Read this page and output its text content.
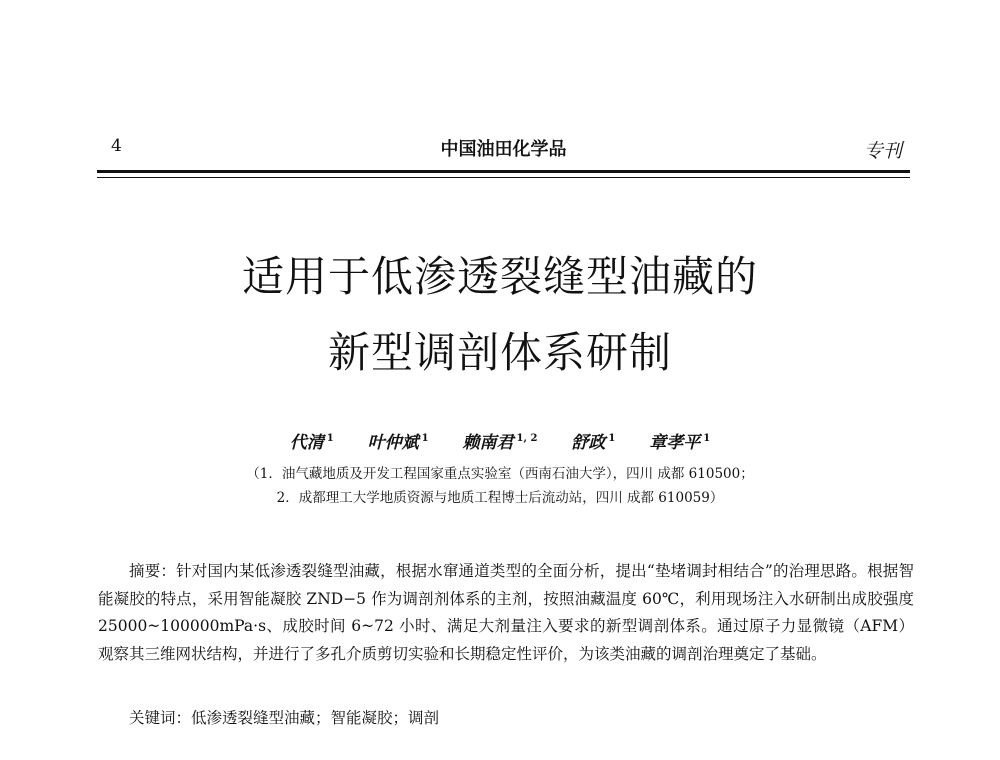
4	中国油田化学品	专刊
适用于低渗透裂缝型油藏的
新型调剖体系研制
代清 $^1$ 叶仲斌 $^1$ 赖南君 $^{1, 2}$ 舒政 $^1$ 章孝平 $^1$
（1．油气藏地质及开发工程国家重点实验室（西南石油大学），四川 成都 610500；
2．成都理工大学地质资源与地质工程博士后流动站，四川 成都 610059）

摘要：针对国内某低渗透裂缝型油藏，根据水窜通道类型的全面分析，提出“垫堵调封相结合”的治理思路。根据智能凝胶的特点，采用智能凝胶 ZND−5 作为调剖剂体系的主剂，按照油藏温度 60℃，利用现场注入水研制出成胶强度 25000~100000mPa·s、成胶时间 6~72 小时、满足大剂量注入要求的新型调剖体系。通过原子力显微镜（AFM）观察其三维网状结构，并进行了多孔介质剪切实验和长期稳定性评价，为该类油藏的调剖治理奠定了基础。

关键词：低渗透裂缝型油藏；智能凝胶；调剖
